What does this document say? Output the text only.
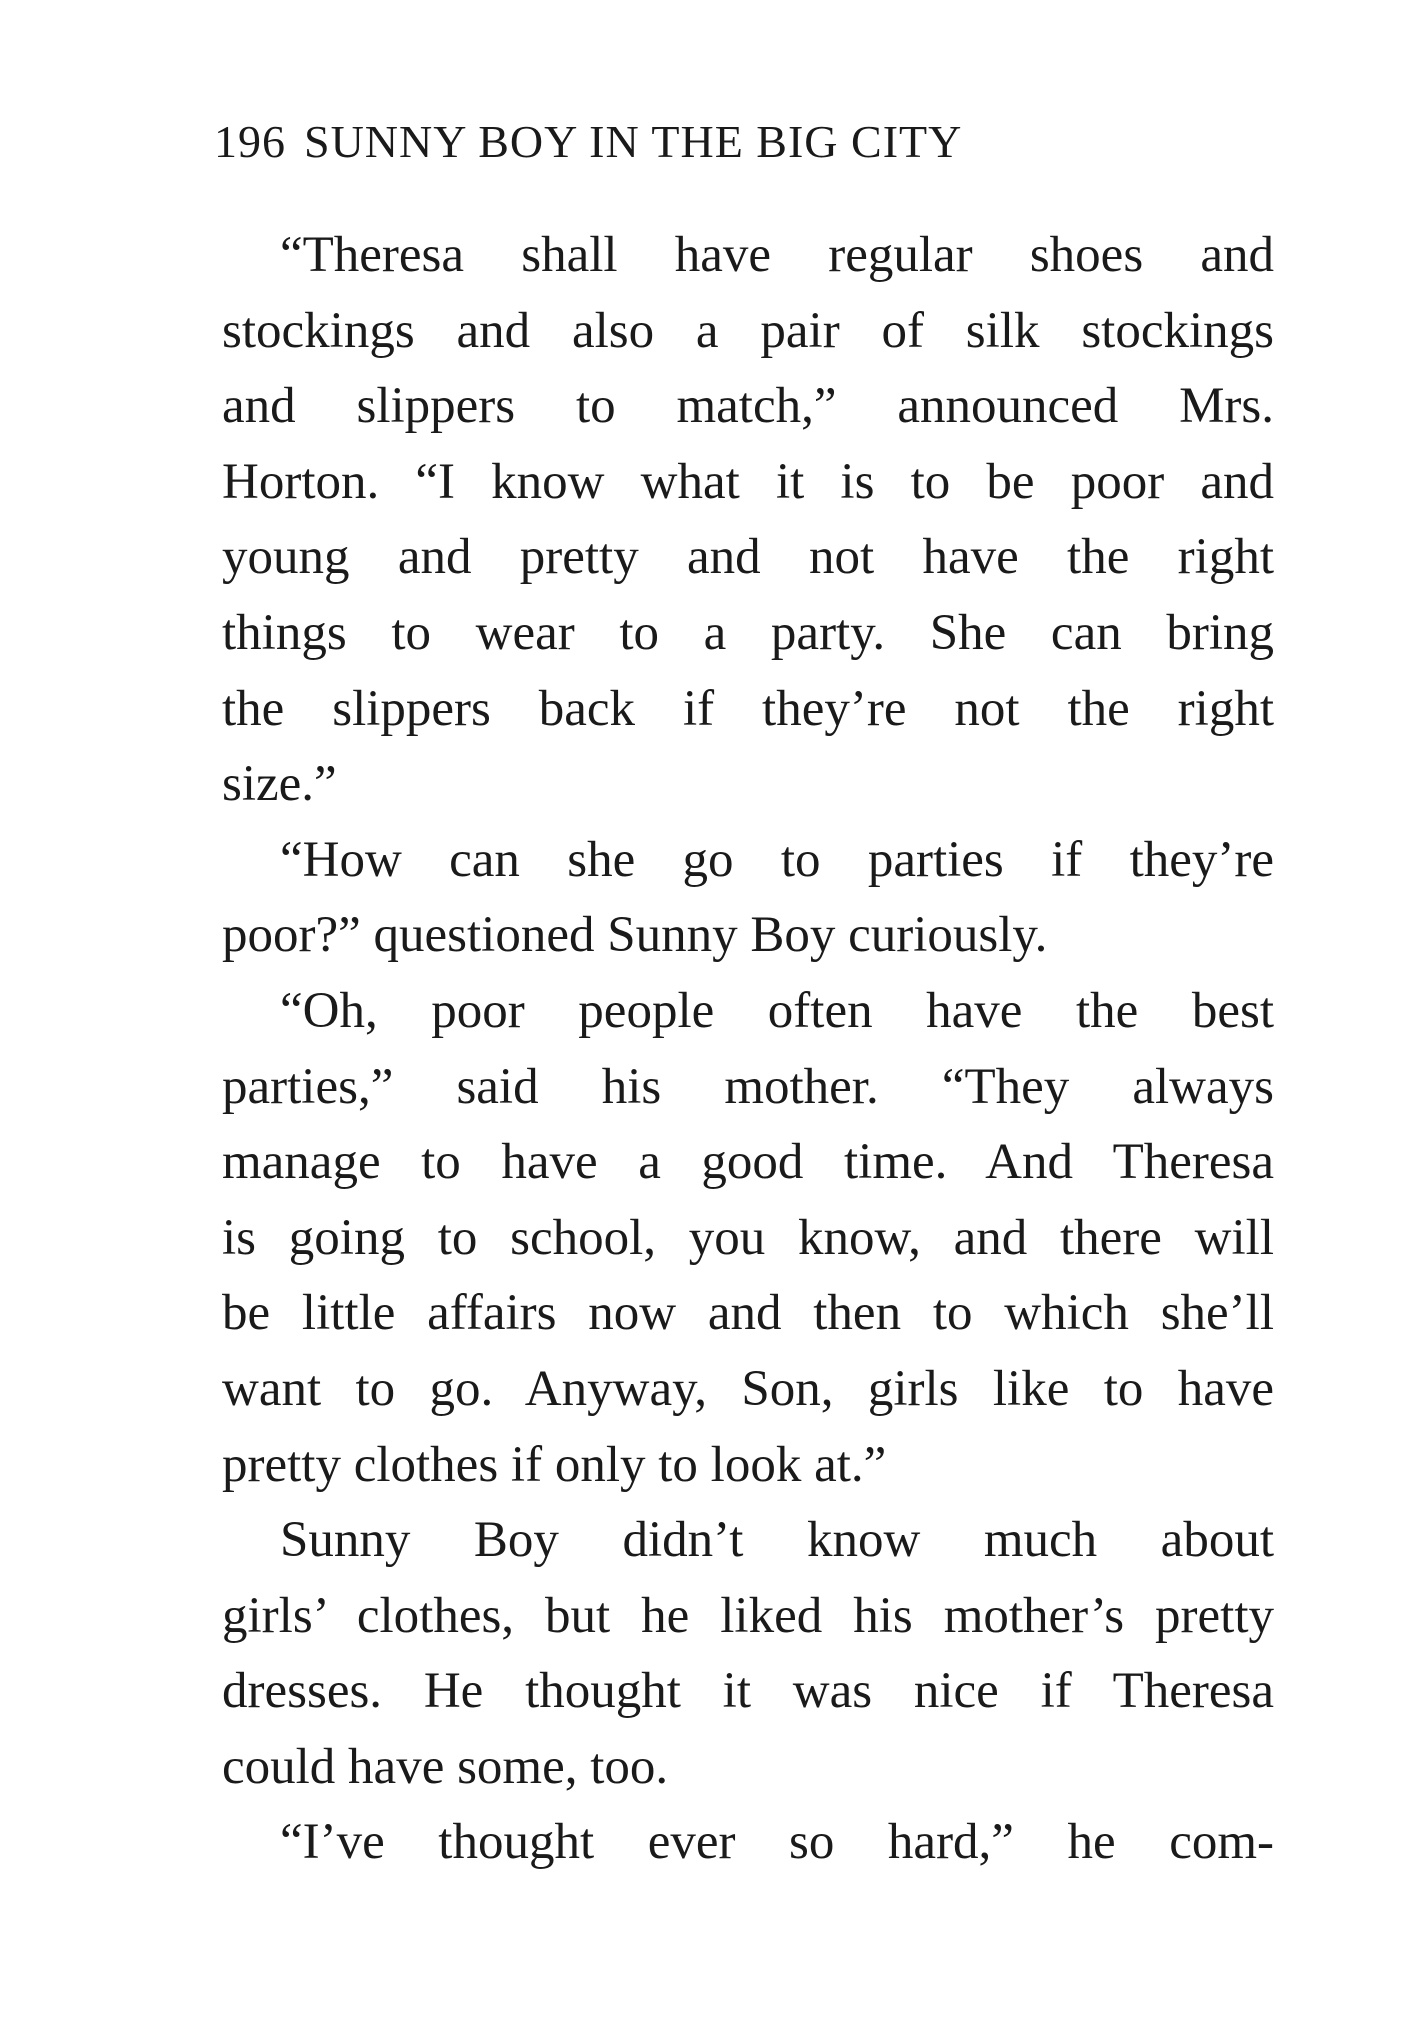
196 SUNNY BOY IN THE BIG CITY
“Theresa shall have regular shoes and
stockings and also a pair of silk stockings
and slippers to match,” announced Mrs.
Horton. “I know what it is to be poor and
young and pretty and not have the right
things to wear to a party. She can bring
the slippers back if they’re not the right
size.”
“How can she go to parties if they’re
poor?” questioned Sunny Boy curiously.
“Oh, poor people often have the best
parties,” said his mother. “They always
manage to have a good time. And Theresa
is going to school, you know, and there will
be little affairs now and then to which she’ll
want to go. Anyway, Son, girls like to have
pretty clothes if only to look at.”
Sunny Boy didn’t know much about
girls’ clothes, but he liked his mother’s pretty
dresses. He thought it was nice if Theresa
could have some, too.
“I’ve thought ever so hard,” he com-
